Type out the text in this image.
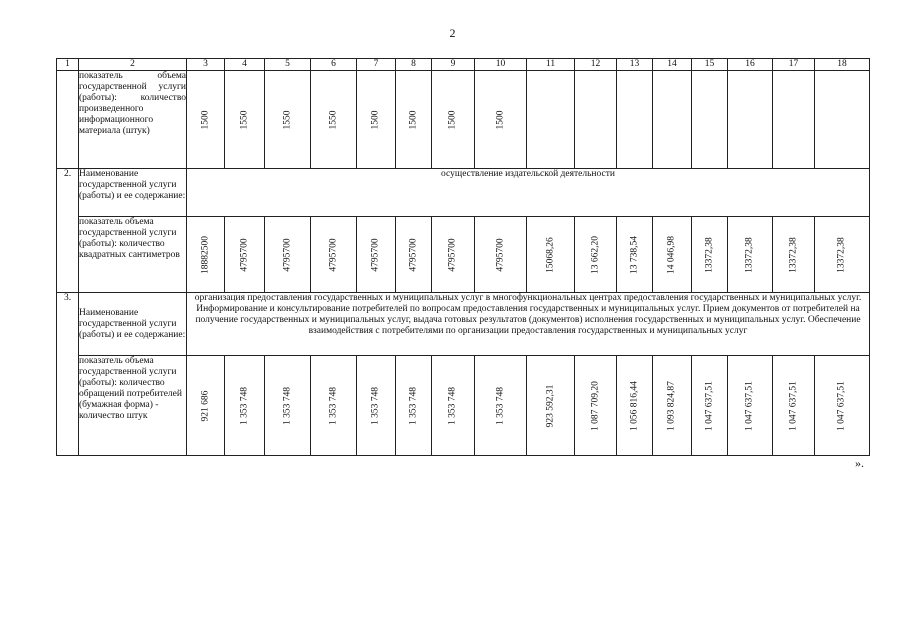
2
1	2	3	4	5	6	7	8	9	10	11	12	13	14	15	16	17	18
	показатель объема государственной услуги (работы): количество произведенного информационного материала (штук)	1500	1550	1550	1550	1500	1500	1500	1500								

2.	Наименование государственной услуги (работы) и ее содержание:	осуществление издательской деятельности															
	показатель объема государственной услуги (работы): количество квадратных сантиметров	18882500	4795700	4795700	4795700	4795700	4795700	4795700	4795700	15068,26	13 662,20	13 738,54	14 046,98	13372,38	13372,38	13372,38	13372,38

3.	Наименование государственной услуги (работы) и ее содержание:	организация предоставления государственных и муниципальных услуг в многофункциональных центрах предоставления государственных и муниципальных услуг. Информирование и консультирование потребителей по вопросам предоставления государственных и муниципальных услуг. Прием документов от потребителей на получение государственных и муниципальных услуг, выдача готовых результатов (документов) исполнения государственных и муниципальных услуг. Обеспечение взаимодействия с потребителями по организации предоставления государственных и муниципальных услуг															
	показатель объема государственной услуги (работы): количество обращений потребителей (бумажная форма) - количество штук	921 686	1 353 748	1 353 748	1 353 748	1 353 748	1 353 748	1 353 748	1 353 748	923 592,31	1 087 709,20	1 056 816,44	1 093 824,87	1 047 637,51	1 047 637,51	1 047 637,51	1 047 637,51
».
